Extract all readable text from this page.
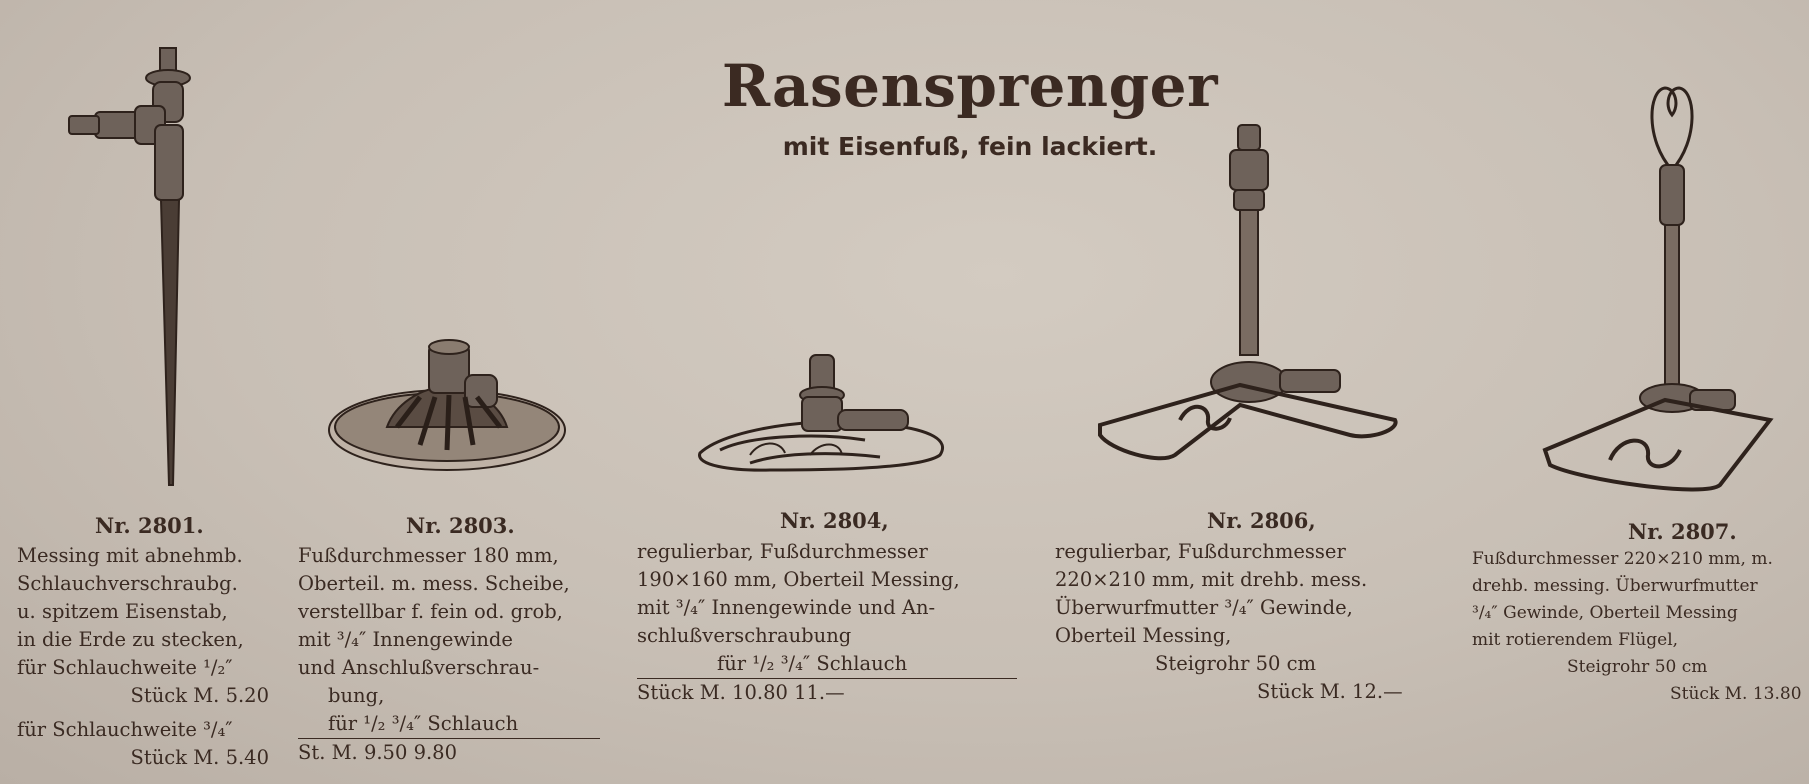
Rasensprenger
mit Eisenfuß, fein lackiert.
Nr. 2801.
Messing mit abnehmb.
Schlauchverschraubg.
u. spitzem Eisenstab,
in die Erde zu stecken,
für Schlauchweite ¹/₂″
Stück M. 5.20
für Schlauchweite ³/₄″
Stück M. 5.40
Nr. 2803.
Fußdurchmesser 180 mm,
Oberteil. m. mess. Scheibe,
verstellbar f. fein od. grob,
mit ³/₄″ Innengewinde
und Anschlußverschrau-
bung,
für ¹/₂ ³/₄″ Schlauch
St. M. 9.50 9.80
Nr. 2804,
regulierbar, Fußdurchmesser
190×160 mm, Oberteil Messing,
mit ³/₄″ Innengewinde und An-
schlußverschraubung
für ¹/₂ ³/₄″ Schlauch
Stück M. 10.80 11.—
Nr. 2806,
regulierbar, Fußdurchmesser
220×210 mm, mit drehb. mess.
Überwurfmutter ³/₄″ Gewinde,
Oberteil Messing,
Steigrohr 50 cm
Stück M. 12.—
Nr. 2807.
Fußdurchmesser 220×210 mm, m.
drehb. messing. Überwurfmutter
³/₄″ Gewinde, Oberteil Messing
mit rotierendem Flügel,
Steigrohr 50 cm
Stück M. 13.80
